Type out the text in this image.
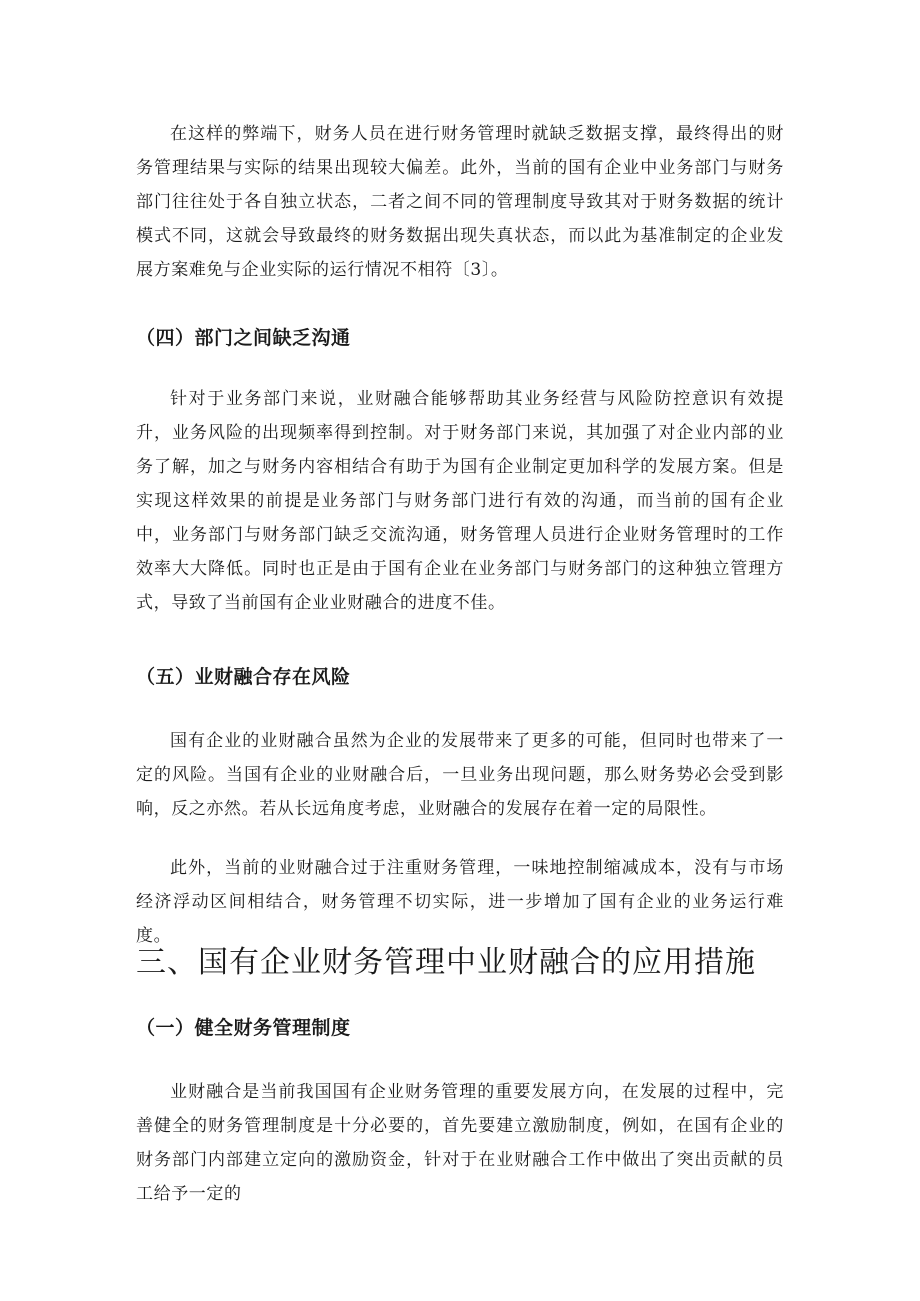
在这样的弊端下，财务人员在进行财务管理时就缺乏数据支撑，最终得出的财务管理结果与实际的结果出现较大偏差。此外，当前的国有企业中业务部门与财务部门往往处于各自独立状态，二者之间不同的管理制度导致其对于财务数据的统计模式不同，这就会导致最终的财务数据出现失真状态，而以此为基准制定的企业发展方案难免与企业实际的运行情况不相符〔3〕。

（四）部门之间缺乏沟通

针对于业务部门来说，业财融合能够帮助其业务经营与风险防控意识有效提升，业务风险的出现频率得到控制。对于财务部门来说，其加强了对企业内部的业务了解，加之与财务内容相结合有助于为国有企业制定更加科学的发展方案。但是实现这样效果的前提是业务部门与财务部门进行有效的沟通，而当前的国有企业中，业务部门与财务部门缺乏交流沟通，财务管理人员进行企业财务管理时的工作效率大大降低。同时也正是由于国有企业在业务部门与财务部门的这种独立管理方式，导致了当前国有企业业财融合的进度不佳。

（五）业财融合存在风险

国有企业的业财融合虽然为企业的发展带来了更多的可能，但同时也带来了一定的风险。当国有企业的业财融合后，一旦业务出现问题，那么财务势必会受到影响，反之亦然。若从长远角度考虑，业财融合的发展存在着一定的局限性。

此外，当前的业财融合过于注重财务管理，一味地控制缩减成本，没有与市场经济浮动区间相结合，财务管理不切实际，进一步增加了国有企业的业务运行难度。

三、国有企业财务管理中业财融合的应用措施
（一）健全财务管理制度

业财融合是当前我国国有企业财务管理的重要发展方向，在发展的过程中，完善健全的财务管理制度是十分必要的，首先要建立激励制度，例如，在国有企业的财务部门内部建立定向的激励资金，针对于在业财融合工作中做出了突出贡献的员工给予一定的
